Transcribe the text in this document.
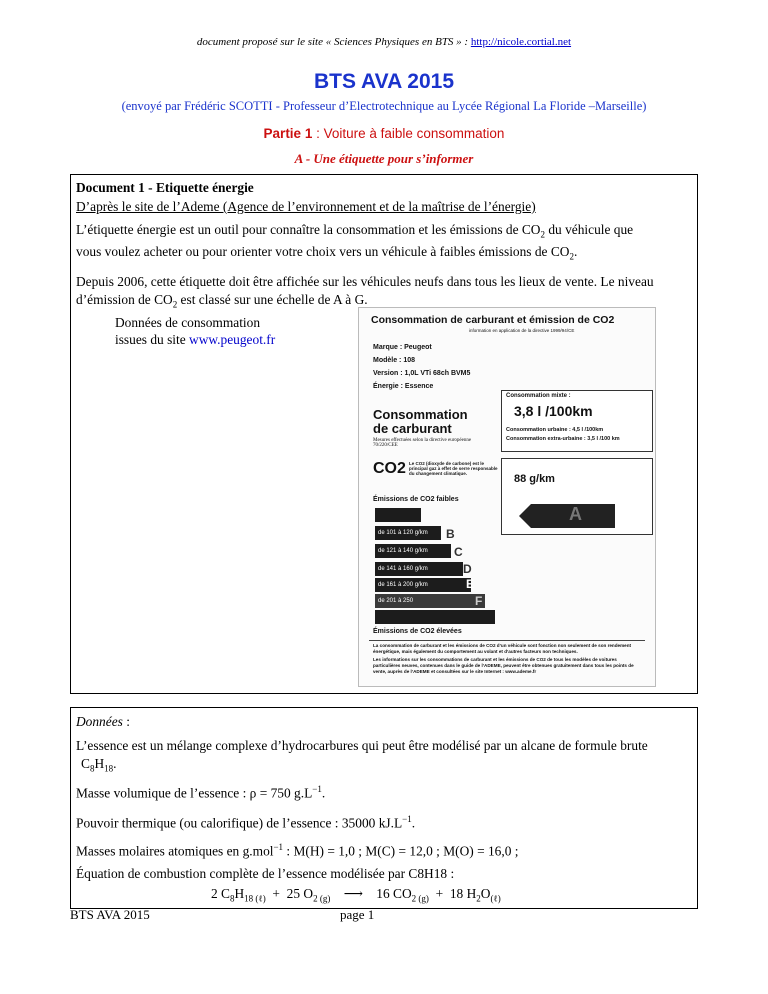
document proposé sur le site « Sciences Physiques en BTS » : http://nicole.cortial.net
BTS AVA 2015
(envoyé par Frédéric SCOTTI - Professeur d’Electrotechnique au Lycée Régional La Floride –Marseille)
Partie 1 : Voiture à faible consommation
A - Une étiquette pour s’informer
Document 1 - Etiquette énergie
D’après le site de l’Ademe (Agence de l’environnement et de la maîtrise de l’énergie)
L’étiquette énergie est un outil pour connaître la consommation et les émissions de $CO_2$ du véhicule que
vous voulez acheter ou pour orienter votre choix vers un véhicule à faibles émissions de $CO_2$.
Depuis 2006, cette étiquette doit être affichée sur les véhicules neufs dans tous les lieux de vente. Le niveau
d’émission de $CO_2$ est classé sur une échelle de A à G.
Données de consommation
issues du site www.peugeot.fr
Consommation de carburant et émission de CO2
information en application de la directive 1999/94/CE
Marque : Peugeot
Modèle : 108
Version : 1,0L VTi 68ch BVM5
Énergie : Essence
Consommation
de carburant
Mesures effectuées selon la directive européenne 70/220/CEE
Consommation mixte :
3,8 l /100km
Consommation urbaine : 4,5 l /100km
Consommation extra-urbaine : 3,5 l /100 km
CO2 Le CO2 (dioxyde de carbone) est le principal gaz à effet de serre responsable du changement climatique.	88 g/km
A
Émissions de CO2 faibles
de 101 à 120 g/km B
de 121 à 140 g/km C
de 141 à 160 g/km	D
de 161 à 200 g/km	E
de 201 à 250	F
Émissions de CO2 élevées
La consommation de carburant et les émissions de CO2 d’un véhicule sont fonction non seulement de son rendement énergétique, mais également du comportement au volant et d’autres facteurs non techniques.
Les informations sur les consommations de carburant et les émissions de CO2 de tous les modèles de voitures particulières neuves, contenues dans le guide de l’ADEME, peuvent être obtenues gratuitement dans tous les points de vente, auprès de l’ADEME et consultées sur le site Internet : www.ademe.fr
Données :
L’essence est un mélange complexe d’hydrocarbures qui peut être modélisé par un alcane de formule brute
$C_8H_{18}$.
Masse volumique de l’essence : ρ = 750 $g.L^{-1}$.
Pouvoir thermique (ou calorifique) de l’essence : 35000 $kJ.L^{-1}$.
Masses molaires atomiques en g.mol$^{-1}$ : M(H) = 1,0 ; M(C) = 12,0 ; M(O) = 16,0 ;
Équation de combustion complète de l’essence modélisée par C8H18 :
2 $C_8H_{18 (\ell)} + 25$ $O_{2 (g)}$    ⟶    16 $CO_{2 (g)} + 18$ $H_2O_{(\ell)}$
BTS AVA 2015	page 1
